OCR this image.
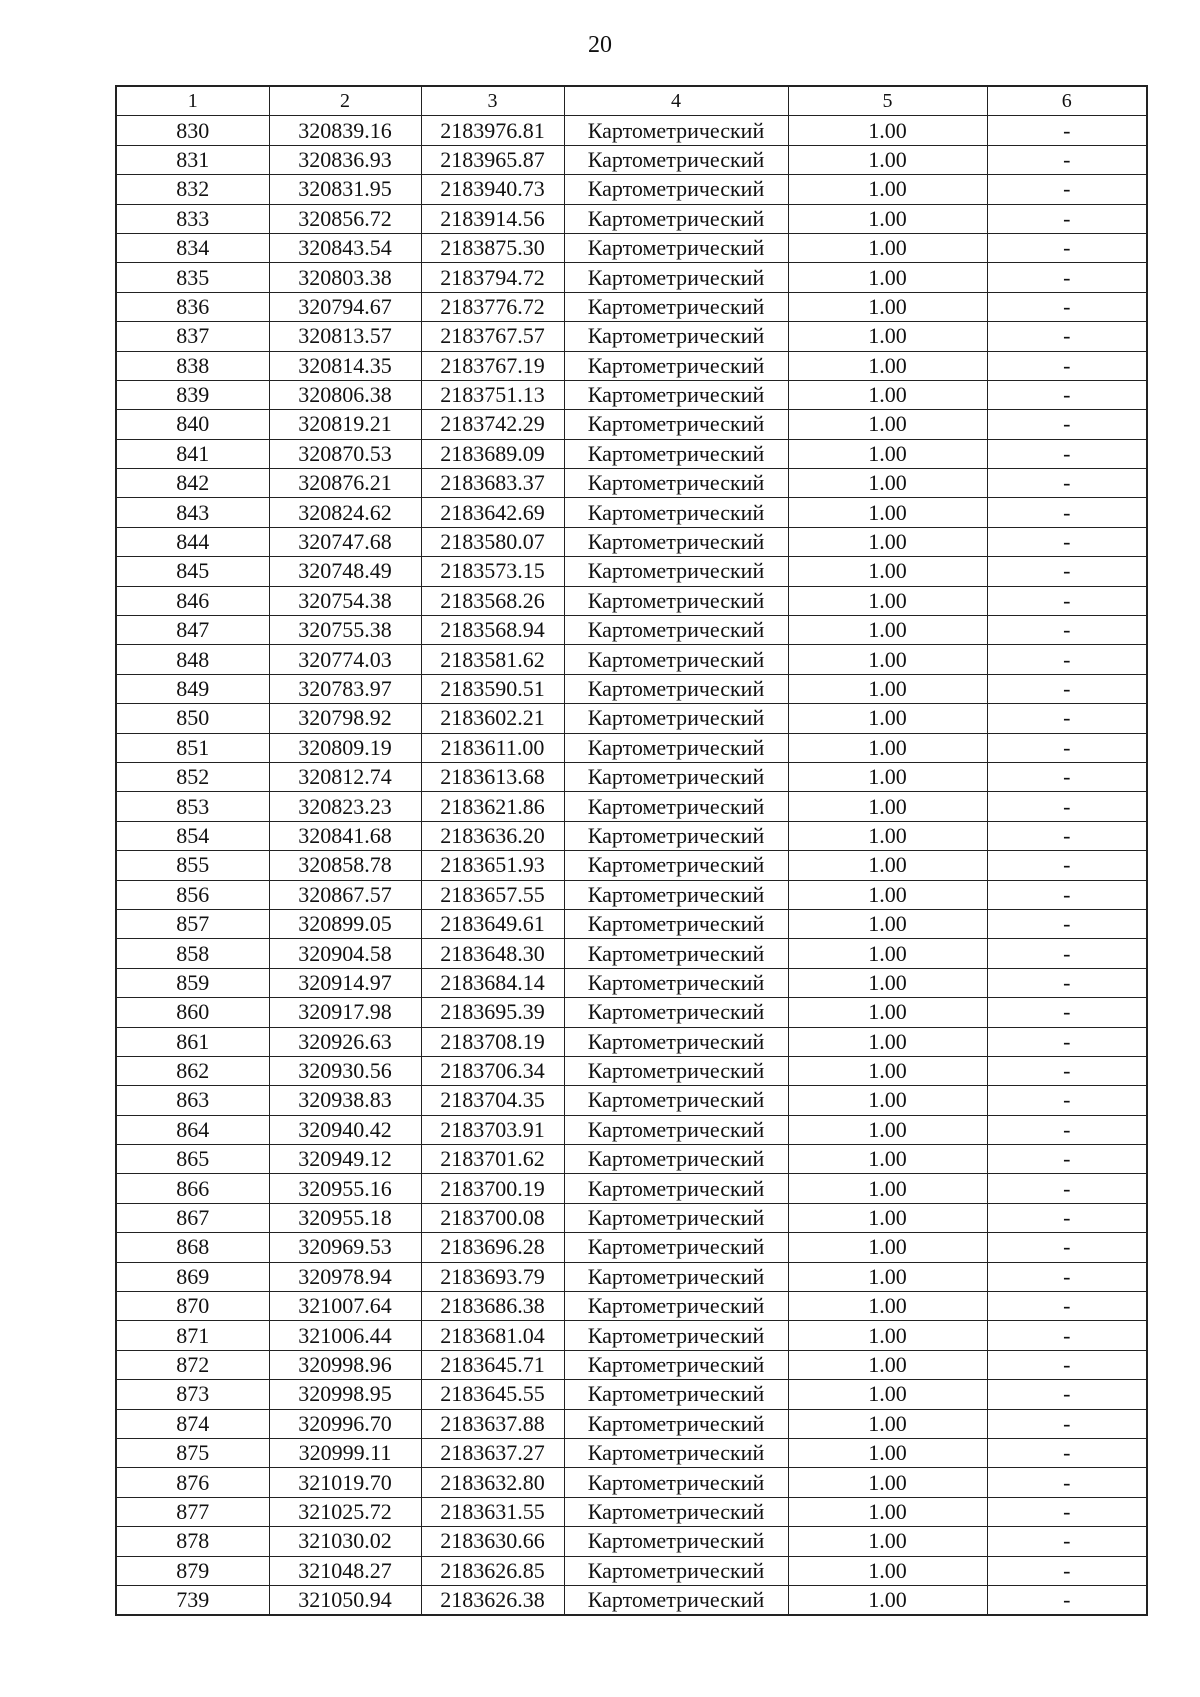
20
1	2	3	4	5	6
830	320839.16	2183976.81	Картометрический	1.00	-
831	320836.93	2183965.87	Картометрический	1.00	-
832	320831.95	2183940.73	Картометрический	1.00	-
833	320856.72	2183914.56	Картометрический	1.00	-
834	320843.54	2183875.30	Картометрический	1.00	-
835	320803.38	2183794.72	Картометрический	1.00	-
836	320794.67	2183776.72	Картометрический	1.00	-
837	320813.57	2183767.57	Картометрический	1.00	-
838	320814.35	2183767.19	Картометрический	1.00	-
839	320806.38	2183751.13	Картометрический	1.00	-
840	320819.21	2183742.29	Картометрический	1.00	-
841	320870.53	2183689.09	Картометрический	1.00	-
842	320876.21	2183683.37	Картометрический	1.00	-
843	320824.62	2183642.69	Картометрический	1.00	-
844	320747.68	2183580.07	Картометрический	1.00	-
845	320748.49	2183573.15	Картометрический	1.00	-
846	320754.38	2183568.26	Картометрический	1.00	-
847	320755.38	2183568.94	Картометрический	1.00	-
848	320774.03	2183581.62	Картометрический	1.00	-
849	320783.97	2183590.51	Картометрический	1.00	-
850	320798.92	2183602.21	Картометрический	1.00	-
851	320809.19	2183611.00	Картометрический	1.00	-
852	320812.74	2183613.68	Картометрический	1.00	-
853	320823.23	2183621.86	Картометрический	1.00	-
854	320841.68	2183636.20	Картометрический	1.00	-
855	320858.78	2183651.93	Картометрический	1.00	-
856	320867.57	2183657.55	Картометрический	1.00	-
857	320899.05	2183649.61	Картометрический	1.00	-
858	320904.58	2183648.30	Картометрический	1.00	-
859	320914.97	2183684.14	Картометрический	1.00	-
860	320917.98	2183695.39	Картометрический	1.00	-
861	320926.63	2183708.19	Картометрический	1.00	-
862	320930.56	2183706.34	Картометрический	1.00	-
863	320938.83	2183704.35	Картометрический	1.00	-
864	320940.42	2183703.91	Картометрический	1.00	-
865	320949.12	2183701.62	Картометрический	1.00	-
866	320955.16	2183700.19	Картометрический	1.00	-
867	320955.18	2183700.08	Картометрический	1.00	-
868	320969.53	2183696.28	Картометрический	1.00	-
869	320978.94	2183693.79	Картометрический	1.00	-
870	321007.64	2183686.38	Картометрический	1.00	-
871	321006.44	2183681.04	Картометрический	1.00	-
872	320998.96	2183645.71	Картометрический	1.00	-
873	320998.95	2183645.55	Картометрический	1.00	-
874	320996.70	2183637.88	Картометрический	1.00	-
875	320999.11	2183637.27	Картометрический	1.00	-
876	321019.70	2183632.80	Картометрический	1.00	-
877	321025.72	2183631.55	Картометрический	1.00	-
878	321030.02	2183630.66	Картометрический	1.00	-
879	321048.27	2183626.85	Картометрический	1.00	-
739	321050.94	2183626.38	Картометрический	1.00	-
